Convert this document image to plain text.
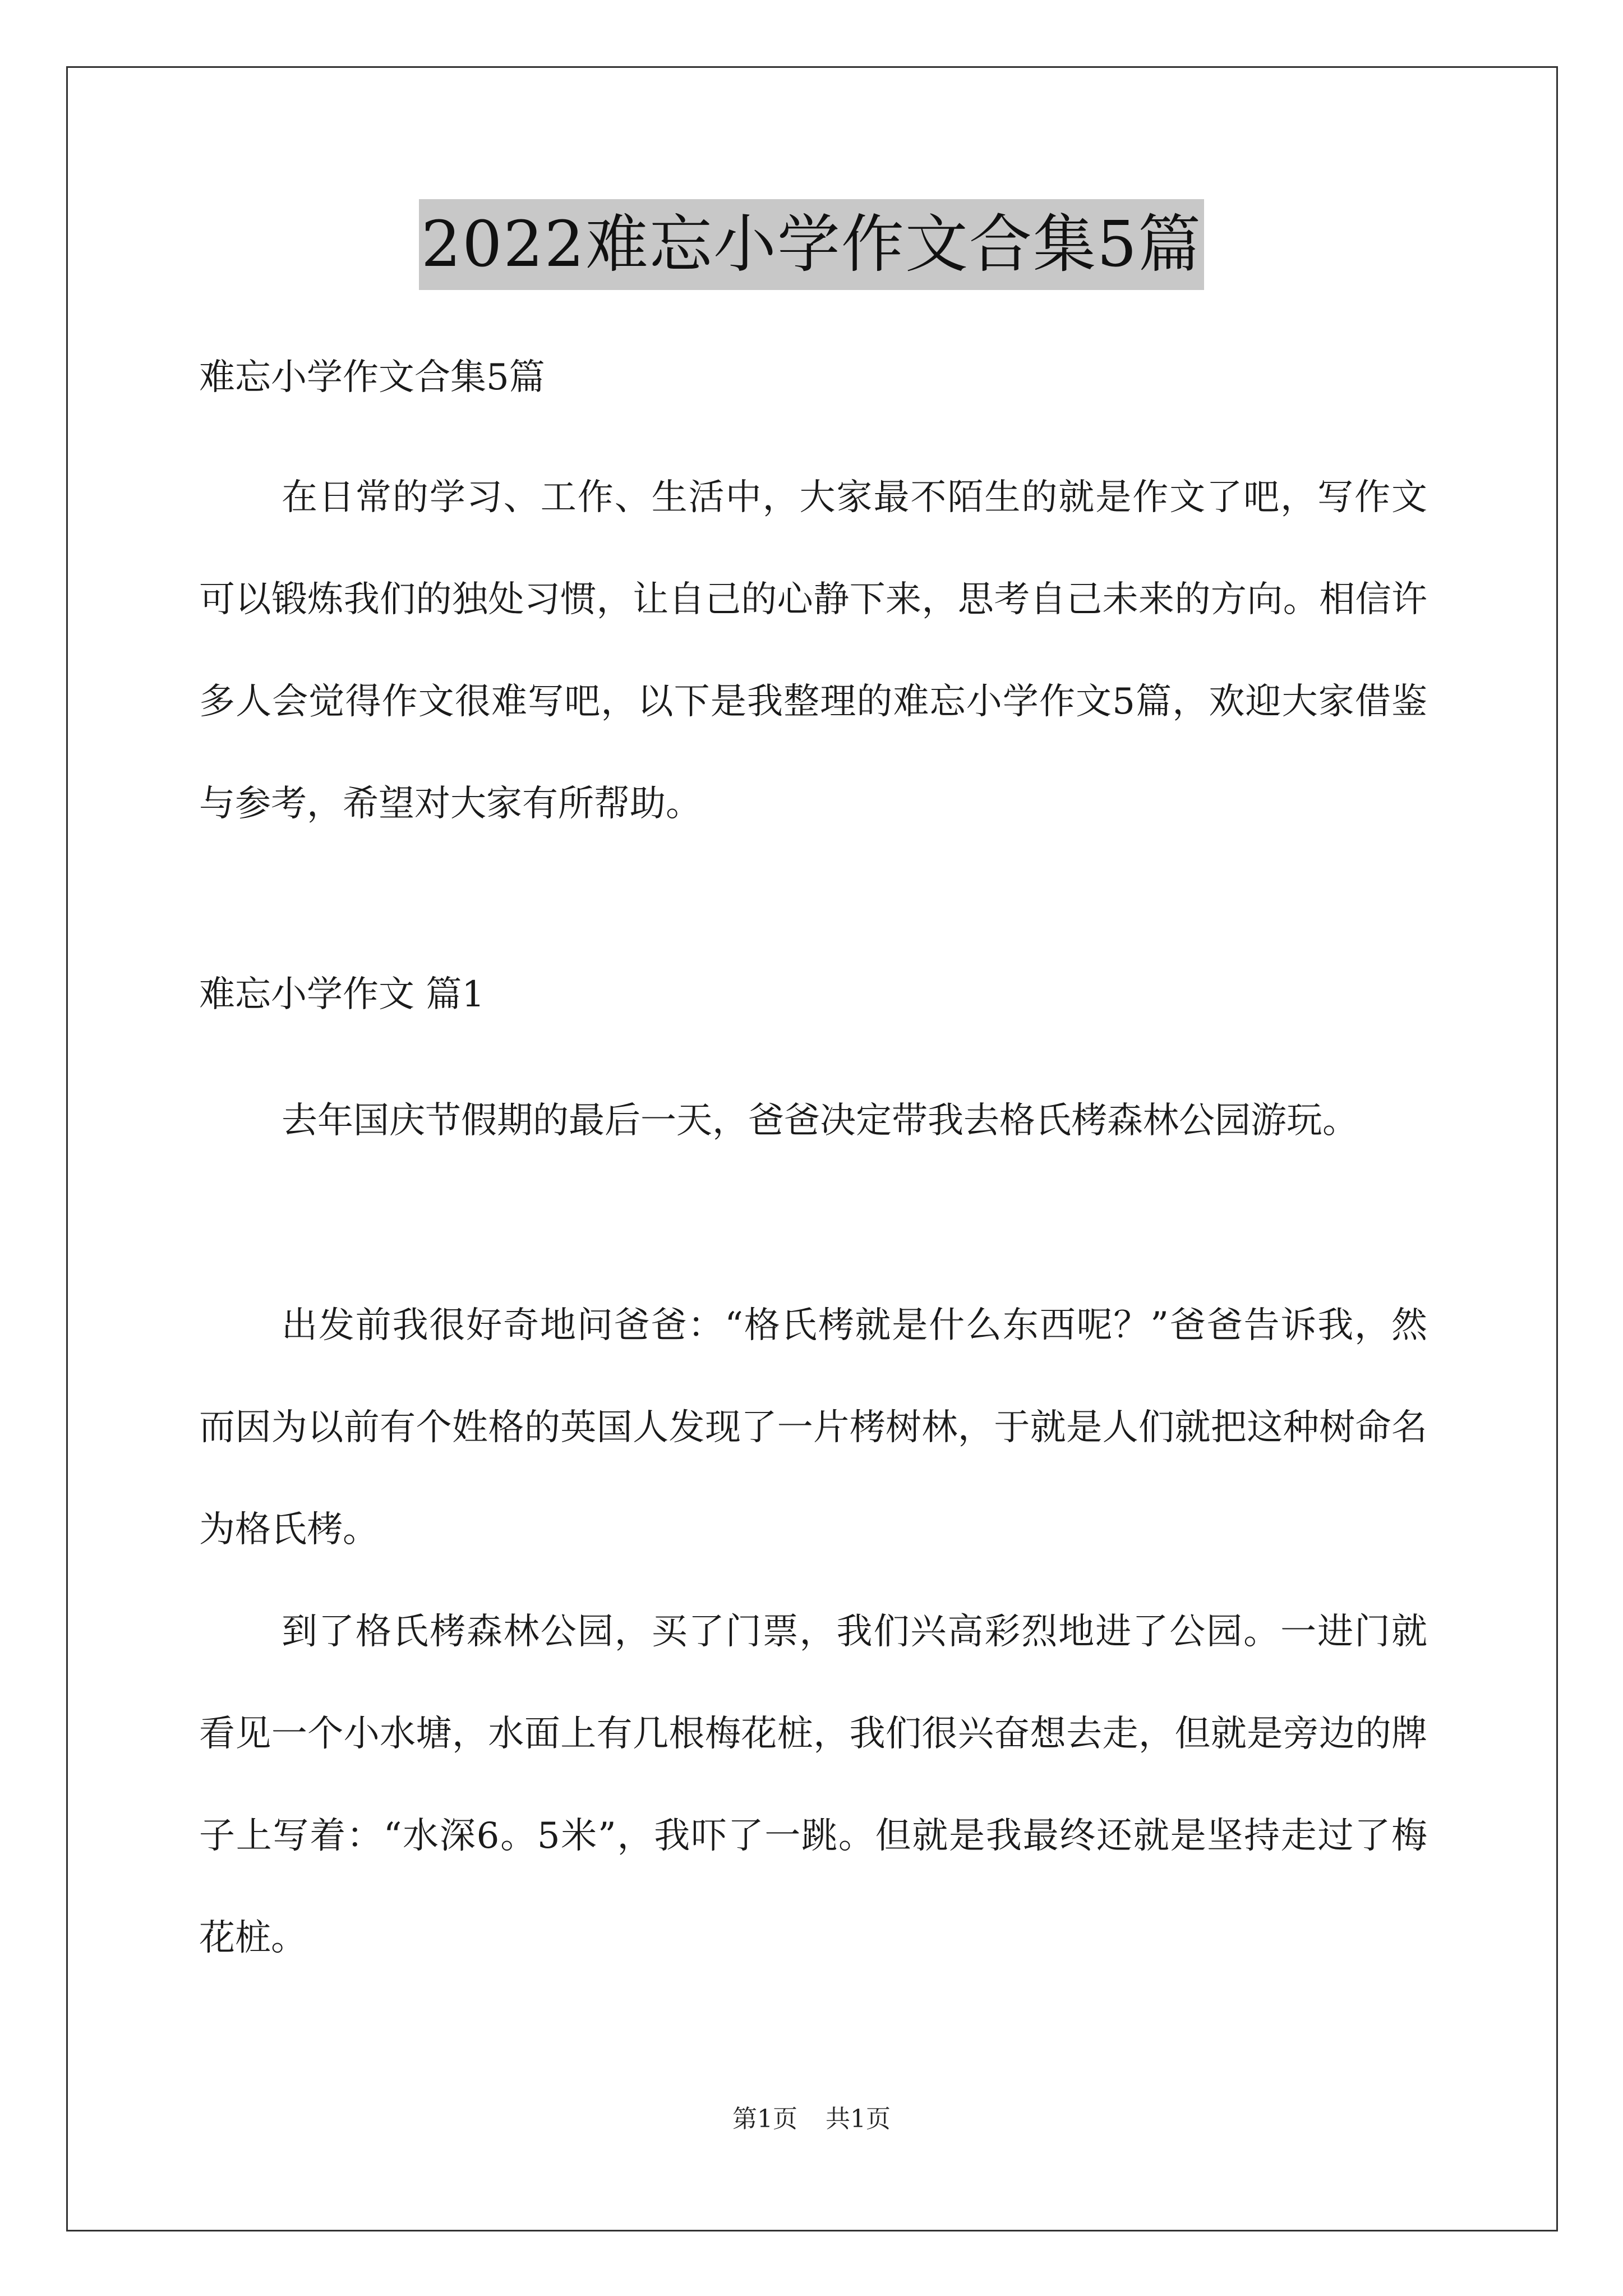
2022难忘小学作文合集5篇
难忘小学作文合集5篇

在日常的学习、工作、生活中，大家最不陌生的就是作文了吧，写作文可以锻炼我们的独处习惯，让自己的心静下来，思考自己未来的方向。相信许多人会觉得作文很难写吧，以下是我整理的难忘小学作文5篇，欢迎大家借鉴与参考，希望对大家有所帮助。

难忘小学作文 篇1

去年国庆节假期的最后一天，爸爸决定带我去格氏栲森林公园游玩。

出发前我很好奇地问爸爸：“格氏栲就是什么东西呢？”爸爸告诉我，然而因为以前有个姓格的英国人发现了一片栲树林，于就是人们就把这种树命名为格氏栲。

到了格氏栲森林公园，买了门票，我们兴高彩烈地进了公园。一进门就看见一个小水塘，水面上有几根梅花桩，我们很兴奋想去走，但就是旁边的牌子上写着：“水深6。5米”，我吓了一跳。但就是我最终还就是坚持走过了梅花桩。

第1页 共1页
